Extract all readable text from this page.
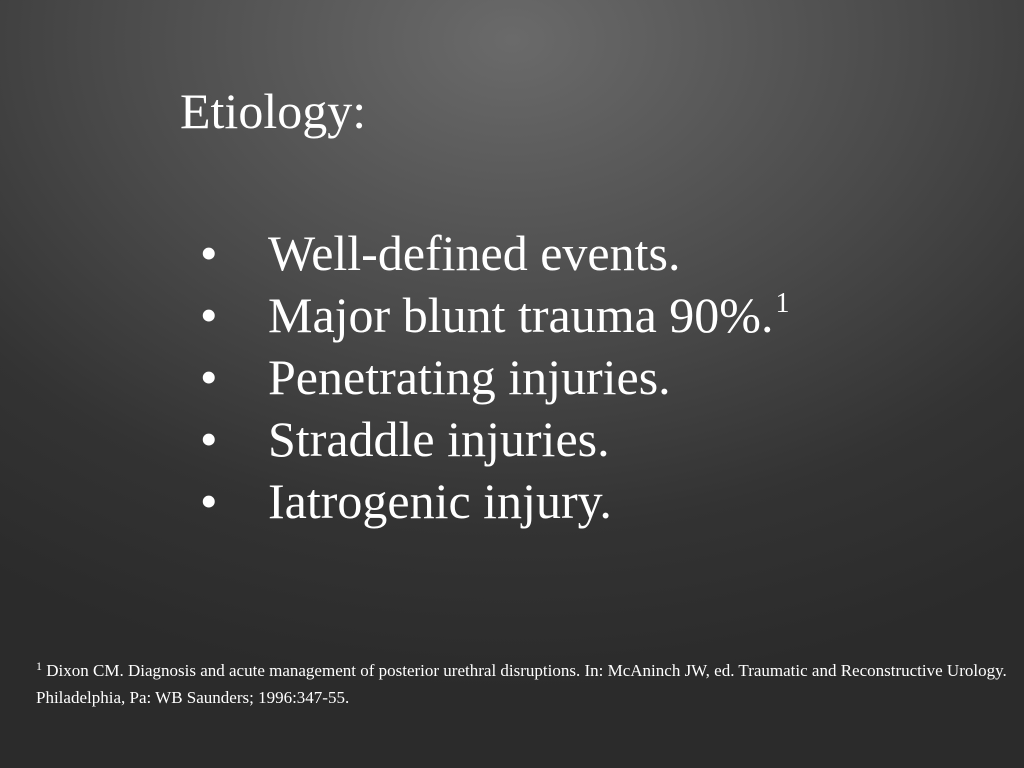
Etiology:
•	Well-defined events.
•	Major blunt trauma 90%. 1
•	Penetrating injuries.
•	Straddle injuries.
•	Iatrogenic injury.

$^1$ Dixon CM. Diagnosis and acute management of posterior urethral disruptions. In: McAninch JW, ed. Traumatic and Reconstructive Urology. Philadelphia, Pa: WB Saunders; 1996:347-55.
